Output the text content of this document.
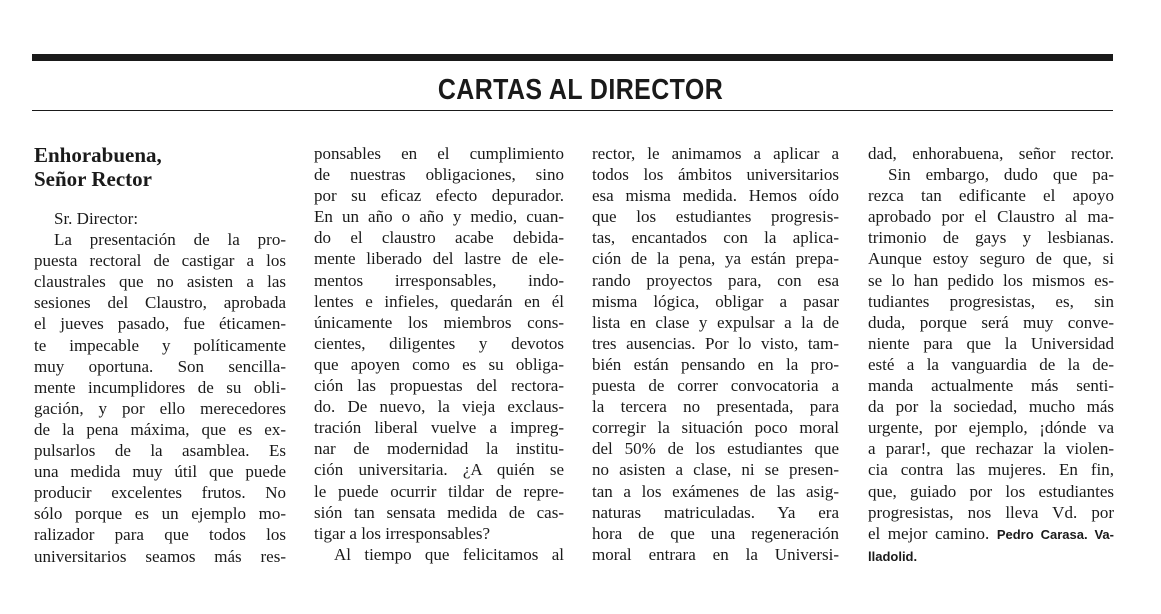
CARTAS AL DIRECTOR
Enhorabuena,
Señor Rector
Sr. Director:
La presentación de la pro-
puesta rectoral de castigar a los
claustrales que no asisten a las
sesiones del Claustro, aprobada
el jueves pasado, fue éticamen-
te impecable y políticamente
muy oportuna. Son sencilla-
mente incumplidores de su obli-
gación, y por ello merecedores
de la pena máxima, que es ex-
pulsarlos de la asamblea. Es
una medida muy útil que puede
producir excelentes frutos. No
sólo porque es un ejemplo mo-
ralizador para que todos los
universitarios seamos más res-
ponsables en el cumplimiento
de nuestras obligaciones, sino
por su eficaz efecto depurador.
En un año o año y medio, cuan-
do el claustro acabe debida-
mente liberado del lastre de ele-
mentos irresponsables, indo-
lentes e infieles, quedarán en él
únicamente los miembros cons-
cientes, diligentes y devotos
que apoyen como es su obliga-
ción las propuestas del rectora-
do. De nuevo, la vieja exclaus-
tración liberal vuelve a impreg-
nar de modernidad la institu-
ción universitaria. ¿A quién se
le puede ocurrir tildar de repre-
sión tan sensata medida de cas-
tigar a los irresponsables?
Al tiempo que felicitamos al
rector, le animamos a aplicar a
todos los ámbitos universitarios
esa misma medida. Hemos oído
que los estudiantes progresis-
tas, encantados con la aplica-
ción de la pena, ya están prepa-
rando proyectos para, con esa
misma lógica, obligar a pasar
lista en clase y expulsar a la de
tres ausencias. Por lo visto, tam-
bién están pensando en la pro-
puesta de correr convocatoria a
la tercera no presentada, para
corregir la situación poco moral
del 50% de los estudiantes que
no asisten a clase, ni se presen-
tan a los exámenes de las asig-
naturas matriculadas. Ya era
hora de que una regeneración
moral entrara en la Universi-
dad, enhorabuena, señor rector.
Sin embargo, dudo que pa-
rezca tan edificante el apoyo
aprobado por el Claustro al ma-
trimonio de gays y lesbianas.
Aunque estoy seguro de que, si
se lo han pedido los mismos es-
tudiantes progresistas, es, sin
duda, porque será muy conve-
niente para que la Universidad
esté a la vanguardia de la de-
manda actualmente más senti-
da por la sociedad, mucho más
urgente, por ejemplo, ¡dónde va
a parar!, que rechazar la violen-
cia contra las mujeres. En fin,
que, guiado por los estudiantes
progresistas, nos lleva Vd. por
el mejor camino. Pedro Carasa. Va-
lladolid.
